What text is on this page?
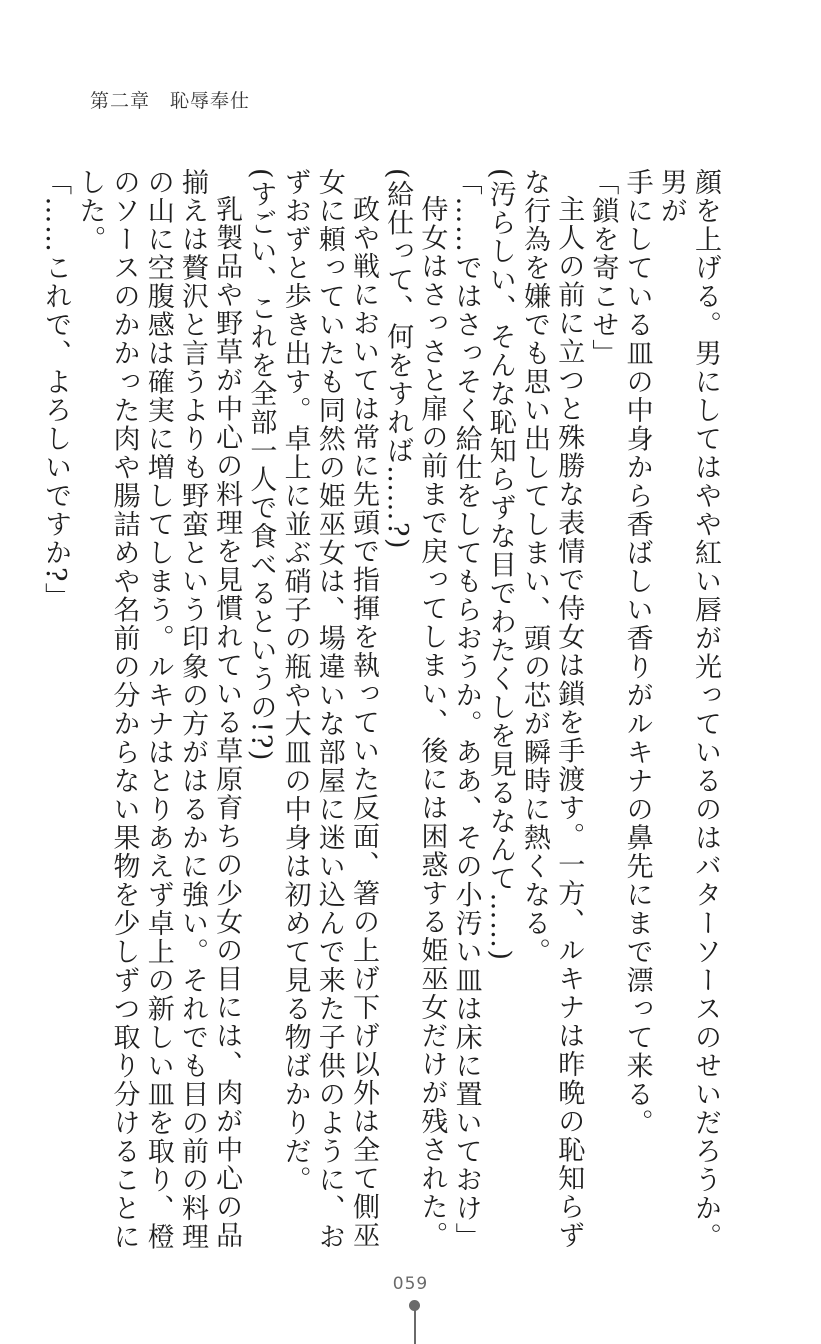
第二章　恥辱奉仕

顔を上げる。男にしてはやや紅い唇が光っているのはバターソースのせいだろうか。男が

手にしている皿の中身から香ばしい香りがルキナの鼻先にまで漂って来る。

「鎖を寄こせ」

主人の前に立つと殊勝な表情で侍女は鎖を手渡す。一方、ルキナは昨晩の恥知らずな行為を嫌でも思い出してしまい、頭の芯が瞬時に熱くなる。

(汚らしい、そんな恥知らずな目でわたくしを見るなんて……)

「……ではさっそく給仕をしてもらおうか。ああ、その小汚い皿は床に置いておけ」

侍女はさっさと扉の前まで戻ってしまい、後には困惑する姫巫女だけが残された。

(給仕って、何をすれば……?)

政や戦においては常に先頭で指揮を執っていた反面、箸の上げ下げ以外は全て側巫女に頼っていたも同然の姫巫女は、場違いな部屋に迷い込んで来た子供のように、おずおずと歩き出す。卓上に並ぶ硝子の瓶や大皿の中身は初めて見る物ばかりだ。

(すごい、これを全部一人で食べるというの!?)

乳製品や野草が中心の料理を見慣れている草原育ちの少女の目には、肉が中心の品揃えは贅沢と言うよりも野蛮という印象の方がはるかに強い。それでも目の前の料理の山に空腹感は確実に増してしまう。ルキナはとりあえず卓上の新しい皿を取り、橙のソースのかかった肉や腸詰めや名前の分からない果物を少しずつ取り分けることにした。

「……これで、よろしいですか?」

059
